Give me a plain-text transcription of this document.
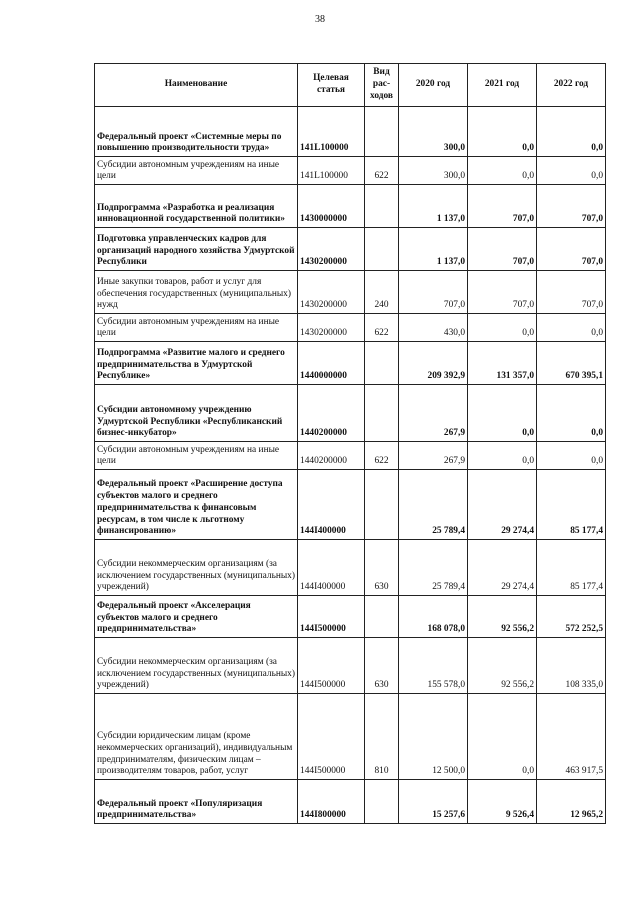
38
Наименование	Целевая статья	Вид рас- ходов	2020 год	2021 год	2022 год
Федеральный проект «Системные меры по повышению производительности труда»	141L100000		300,0	0,0	0,0
Субсидии автономным учреждениям на иные цели	141L100000	622	300,0	0,0	0,0
Подпрограмма «Разработка и реализация инновационной государственной политики»	1430000000		1 137,0	707,0	707,0
Подготовка управленческих кадров для организаций народного хозяйства Удмуртской Республики	1430200000		1 137,0	707,0	707,0
Иные закупки товаров, работ и услуг для обеспечения государственных (муниципальных) нужд	1430200000	240	707,0	707,0	707,0
Субсидии автономным учреждениям на иные цели	1430200000	622	430,0	0,0	0,0
Подпрограмма «Развитие малого и среднего предпринимательства в Удмуртской Республике»	1440000000		209 392,9	131 357,0	670 395,1
Субсидии автономному учреждению Удмуртской Республики «Республиканский бизнес-инкубатор»	1440200000		267,9	0,0	0,0
Субсидии автономным учреждениям на иные цели	1440200000	622	267,9	0,0	0,0
Федеральный проект «Расширение доступа субъектов малого и среднего предпринимательства к финансовым ресурсам, в том числе к льготному финансированию»	144I400000		25 789,4	29 274,4	85 177,4
Субсидии некоммерческим организациям (за исключением государственных (муниципальных) учреждений)	144I400000	630	25 789,4	29 274,4	85 177,4
Федеральный проект «Акселерация субъектов малого и среднего предпринимательства»	144I500000		168 078,0	92 556,2	572 252,5
Субсидии некоммерческим организациям (за исключением государственных (муниципальных) учреждений)	144I500000	630	155 578,0	92 556,2	108 335,0
Субсидии юридическим лицам (кроме некоммерческих организаций), индивидуальным предпринимателям, физическим лицам – производителям товаров, работ, услуг	144I500000	810	12 500,0	0,0	463 917,5
Федеральный проект «Популяризация предпринимательства»	144I800000		15 257,6	9 526,4	12 965,2
